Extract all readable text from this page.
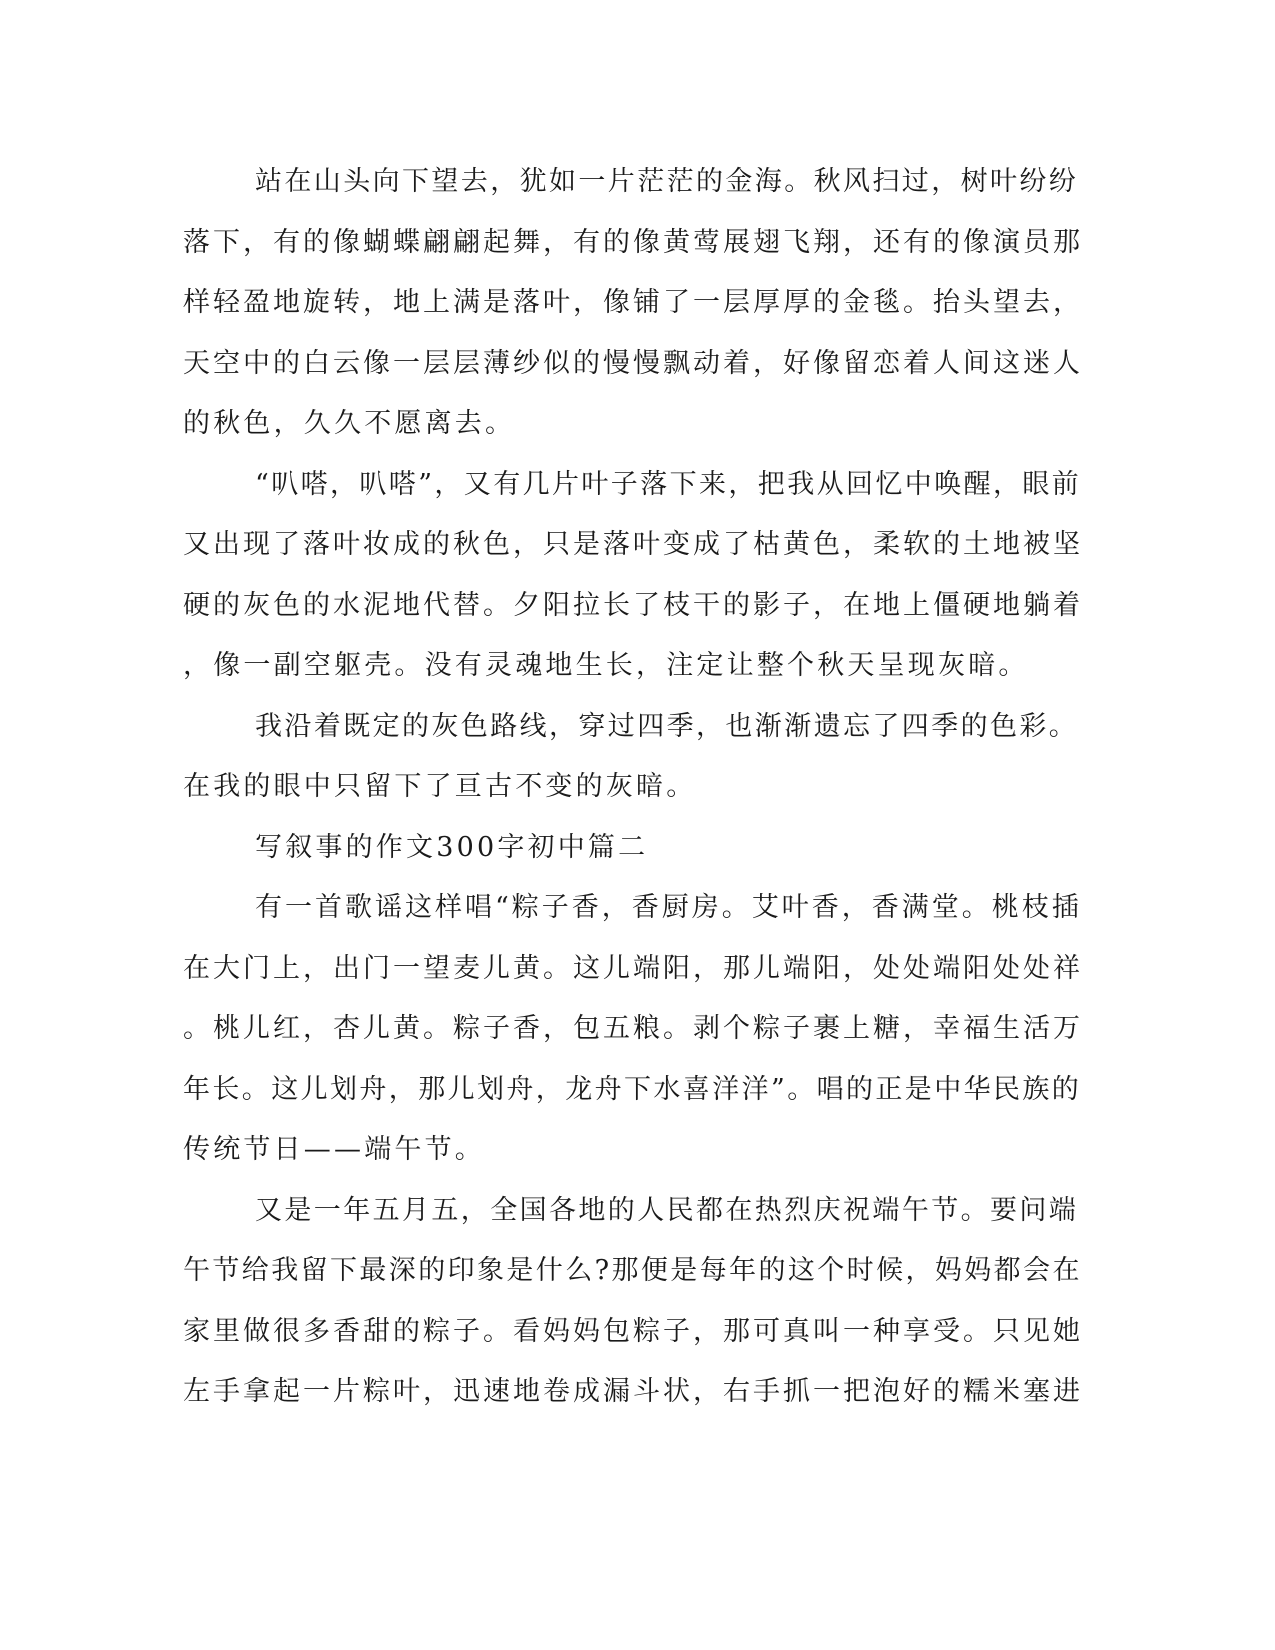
站在山头向下望去，犹如一片茫茫的金海。秋风扫过，树叶纷纷
落下，有的像蝴蝶翩翩起舞，有的像黄莺展翅飞翔，还有的像演员那
样轻盈地旋转，地上满是落叶，像铺了一层厚厚的金毯。抬头望去，
天空中的白云像一层层薄纱似的慢慢飘动着，好像留恋着人间这迷人
的秋色，久久不愿离去。
“叭嗒，叭嗒”，又有几片叶子落下来，把我从回忆中唤醒，眼前
又出现了落叶妆成的秋色，只是落叶变成了枯黄色，柔软的土地被坚
硬的灰色的水泥地代替。夕阳拉长了枝干的影子，在地上僵硬地躺着
，像一副空躯壳。没有灵魂地生长，注定让整个秋天呈现灰暗。
我沿着既定的灰色路线，穿过四季，也渐渐遗忘了四季的色彩。
在我的眼中只留下了亘古不变的灰暗。
写叙事的作文300字初中篇二
有一首歌谣这样唱“粽子香，香厨房。艾叶香，香满堂。桃枝插
在大门上，出门一望麦儿黄。这儿端阳，那儿端阳，处处端阳处处祥
。桃儿红，杏儿黄。粽子香，包五粮。剥个粽子裹上糖，幸福生活万
年长。这儿划舟，那儿划舟，龙舟下水喜洋洋”。唱的正是中华民族的
传统节日——端午节。
又是一年五月五，全国各地的人民都在热烈庆祝端午节。要问端
午节给我留下最深的印象是什么?那便是每年的这个时候，妈妈都会在
家里做很多香甜的粽子。看妈妈包粽子，那可真叫一种享受。只见她
左手拿起一片粽叶，迅速地卷成漏斗状，右手抓一把泡好的糯米塞进
